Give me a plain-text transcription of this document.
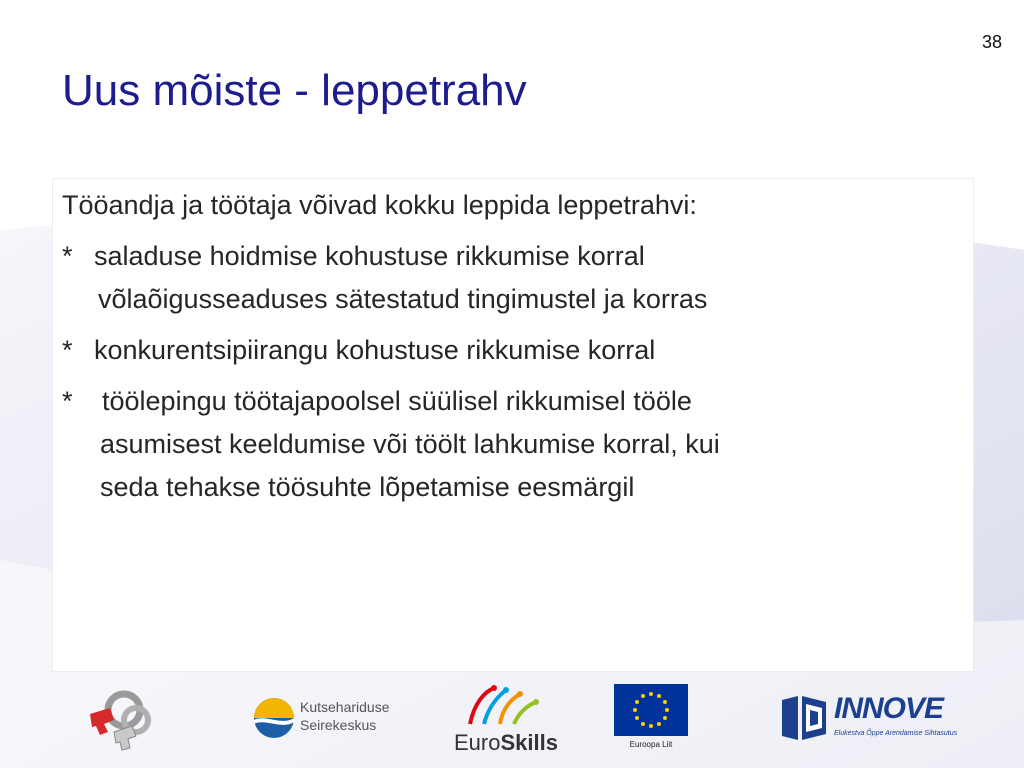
38
Uus mõiste - leppetrahv

Tööandja ja töötaja võivad kokku leppida leppetrahvi:

* saladuse hoidmise kohustuse rikkumise korral
võlaõigusseaduses sätestatud tingimustel ja korras
* konkurentsipiirangu kohustuse rikkumise korral
*	töölepingu töötajapoolsel süülisel rikkumisel tööle
asumisest keeldumise või töölt lahkumise korral, kui
seda tehakse töösuhte lõpetamise eesmärgil
Kutsehariduse
Seirekeskus
EuroSkills	Euroopa Liit
INNOVE
Elukestva Õppe Arendamise Sihtasutus
